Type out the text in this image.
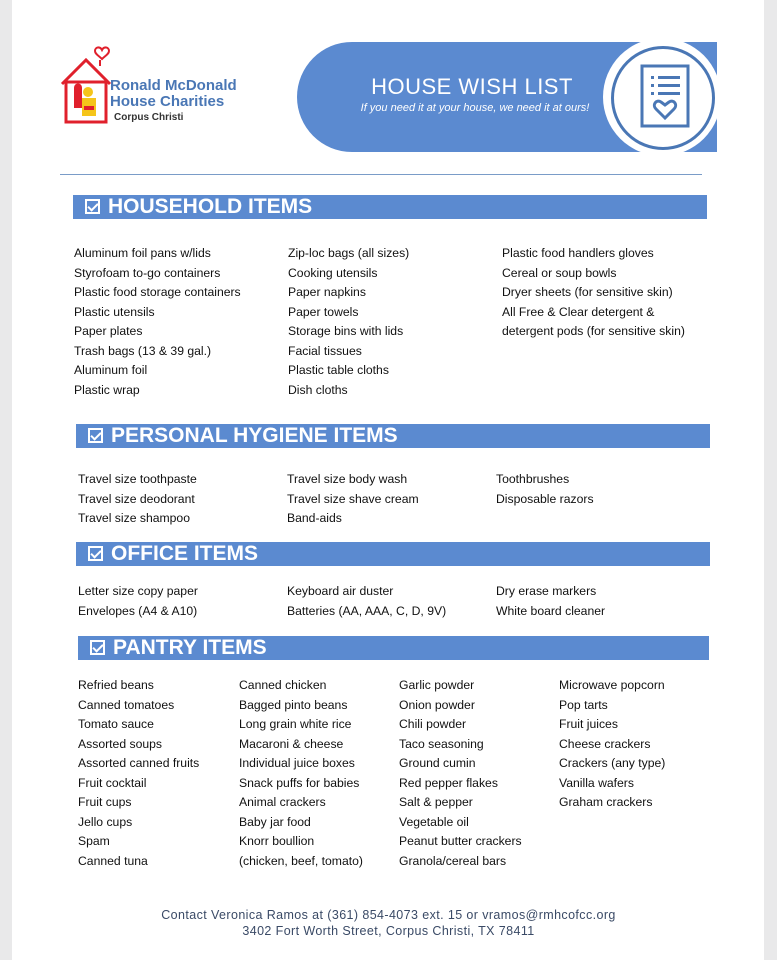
Ronald McDonald
House Charities
Corpus Christi
HOUSE WISH LIST
If you need it at your house, we need it at ours!
HOUSEHOLD ITEMS
Aluminum foil pans w/lids
Styrofoam to-go containers
Plastic food storage containers
Plastic utensils
Paper plates
Trash bags (13 & 39 gal.)
Aluminum foil
Plastic wrap
Zip-loc bags (all sizes)
Cooking utensils
Paper napkins
Paper towels
Storage bins with lids
Facial tissues
Plastic table cloths
Dish cloths
Plastic food handlers gloves
Cereal or soup bowls
Dryer sheets (for sensitive skin)
All Free & Clear detergent &
detergent pods (for sensitive skin)
PERSONAL HYGIENE ITEMS
Travel size toothpaste
Travel size deodorant
Travel size shampoo
Travel size body wash
Travel size shave cream
Band-aids
Toothbrushes
Disposable razors
OFFICE ITEMS
Letter size copy paper
Envelopes (A4 & A10)
Keyboard air duster
Batteries (AA, AAA, C, D, 9V)
Dry erase markers
White board cleaner
PANTRY ITEMS
Refried beans
Canned tomatoes
Tomato sauce
Assorted soups
Assorted canned fruits
Fruit cocktail
Fruit cups
Jello cups
Spam
Canned tuna
Canned chicken
Bagged pinto beans
Long grain white rice
Macaroni & cheese
Individual juice boxes
Snack puffs for babies
Animal crackers
Baby jar food
Knorr boullion
(chicken, beef, tomato)
Garlic powder
Onion powder
Chili powder
Taco seasoning
Ground cumin
Red pepper flakes
Salt & pepper
Vegetable oil
Peanut butter crackers
Granola/cereal bars
Microwave popcorn
Pop tarts
Fruit juices
Cheese crackers
Crackers (any type)
Vanilla wafers
Graham crackers
Contact Veronica Ramos at (361) 854-4073 ext. 15 or vramos@rmhcofcc.org
3402 Fort Worth Street, Corpus Christi, TX 78411
